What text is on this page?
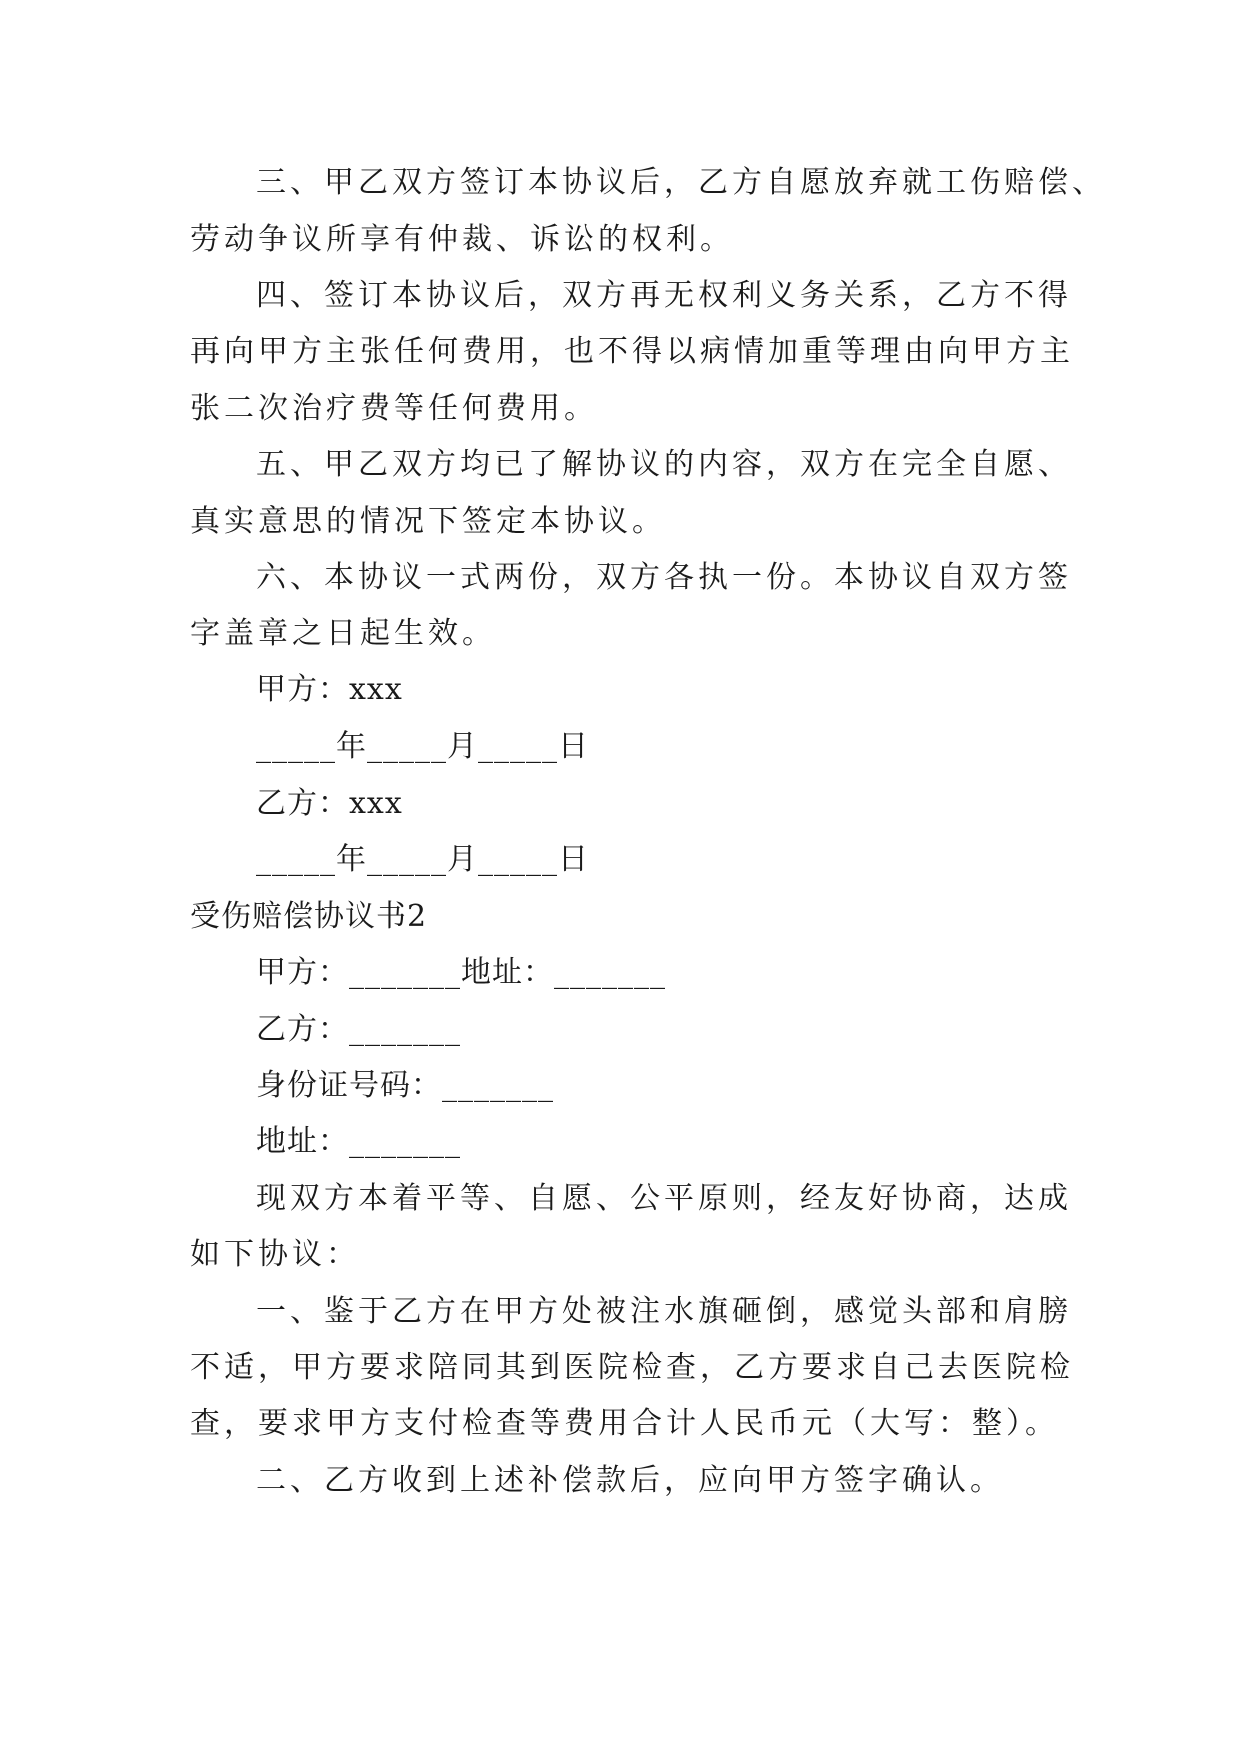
三、甲乙双方签订本协议后，乙方自愿放弃就工伤赔偿、
劳动争议所享有仲裁、诉讼的权利。
四、签订本协议后，双方再无权利义务关系，乙方不得
再向甲方主张任何费用，也不得以病情加重等理由向甲方主
张二次治疗费等任何费用。
五、甲乙双方均已了解协议的内容，双方在完全自愿、
真实意思的情况下签定本协议。
六、本协议一式两份，双方各执一份。本协议自双方签
字盖章之日起生效。
甲方：xxx
_____年_____月_____日
乙方：xxx
_____年_____月_____日
受伤赔偿协议书2
甲方：_______地址：_______
乙方：_______
身份证号码：_______
地址：_______
现双方本着平等、自愿、公平原则，经友好协商，达成
如下协议：
一、鉴于乙方在甲方处被注水旗砸倒，感觉头部和肩膀
不适，甲方要求陪同其到医院检查，乙方要求自己去医院检
查，要求甲方支付检查等费用合计人民币元（大写：整）。
二、乙方收到上述补偿款后，应向甲方签字确认。
